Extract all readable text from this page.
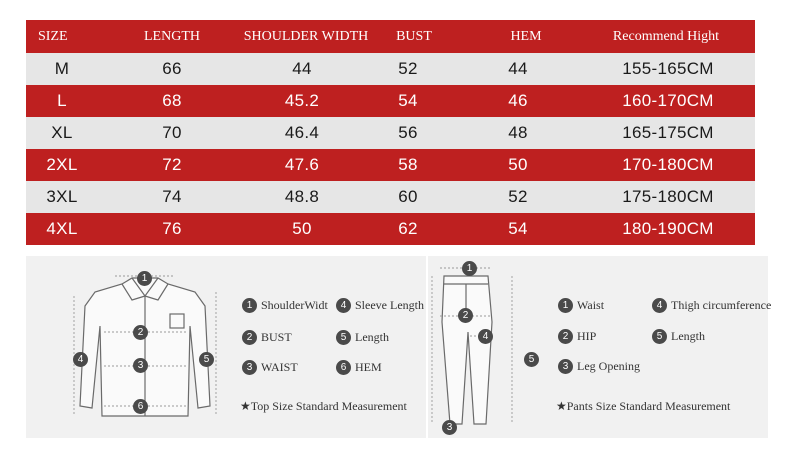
SIZE	LENGTH	SHOULDER WIDTH	BUST	HEM	Recommend Hight
M	66	44	52	44	155-165CM
L	68	45.2	54	46	160-170CM
XL	70	46.4	56	48	165-175CM
2XL	72	47.6	58	50	170-180CM
3XL	74	48.8	60	52	175-180CM
4XL	76	50	62	54	180-190CM
1
2
3
4	5
6
1 ShoulderWidt
2 BUST
3 WAIST
4 Sleeve Length
5 Length
6 HEM
★Top Size Standard Measurement
1
2
3
4
5
1 Waist
2 HIP
3 Leg Opening
4 Thigh circumference
5 Length
★Pants Size Standard Measurement
